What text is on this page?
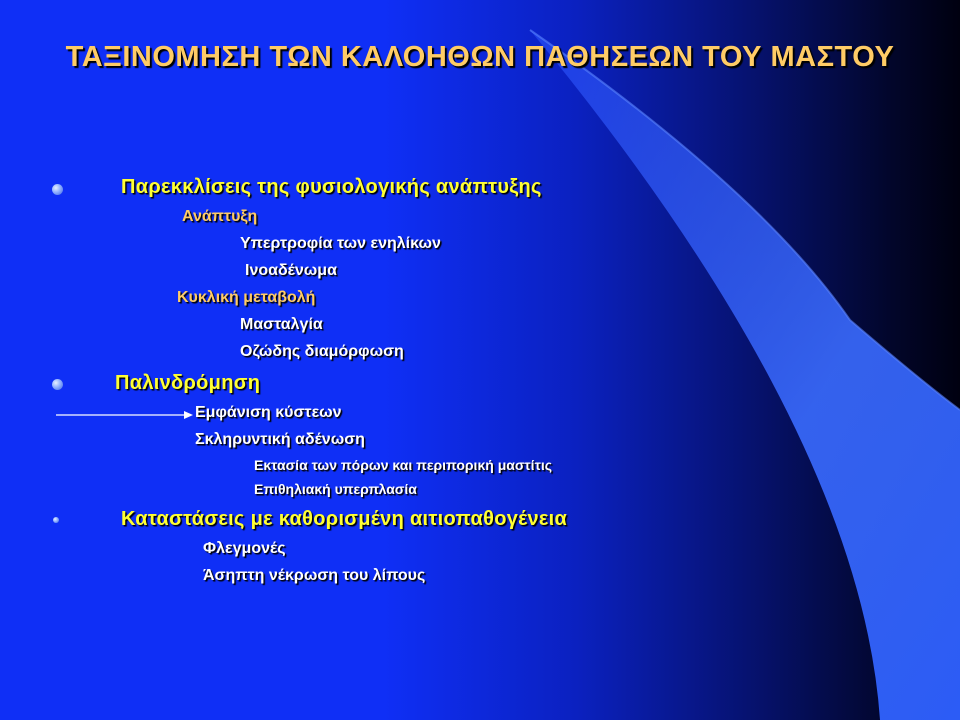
ΤΑΞΙΝΟΜΗΣΗ ΤΩΝ ΚΑΛΟΗΘΩΝ ΠΑΘΗΣΕΩΝ ΤΟΥ ΜΑΣΤΟΥ
Παρεκκλίσεις της φυσιολογικής ανάπτυξης
Ανάπτυξη
Υπερτροφία των ενηλίκων
Ινοαδένωμα
Κυκλική μεταβολή
Μασταλγία
Οζώδης διαμόρφωση
Παλινδρόμηση
Εμφάνιση κύστεων
Σκληρυντική αδένωση
Εκτασία των πόρων και περιπορική μαστίτις
Επιθηλιακή υπερπλασία
Καταστάσεις με καθορισμένη αιτιοπαθογένεια
Φλεγμονές
Άσηπτη νέκρωση του λίπους
